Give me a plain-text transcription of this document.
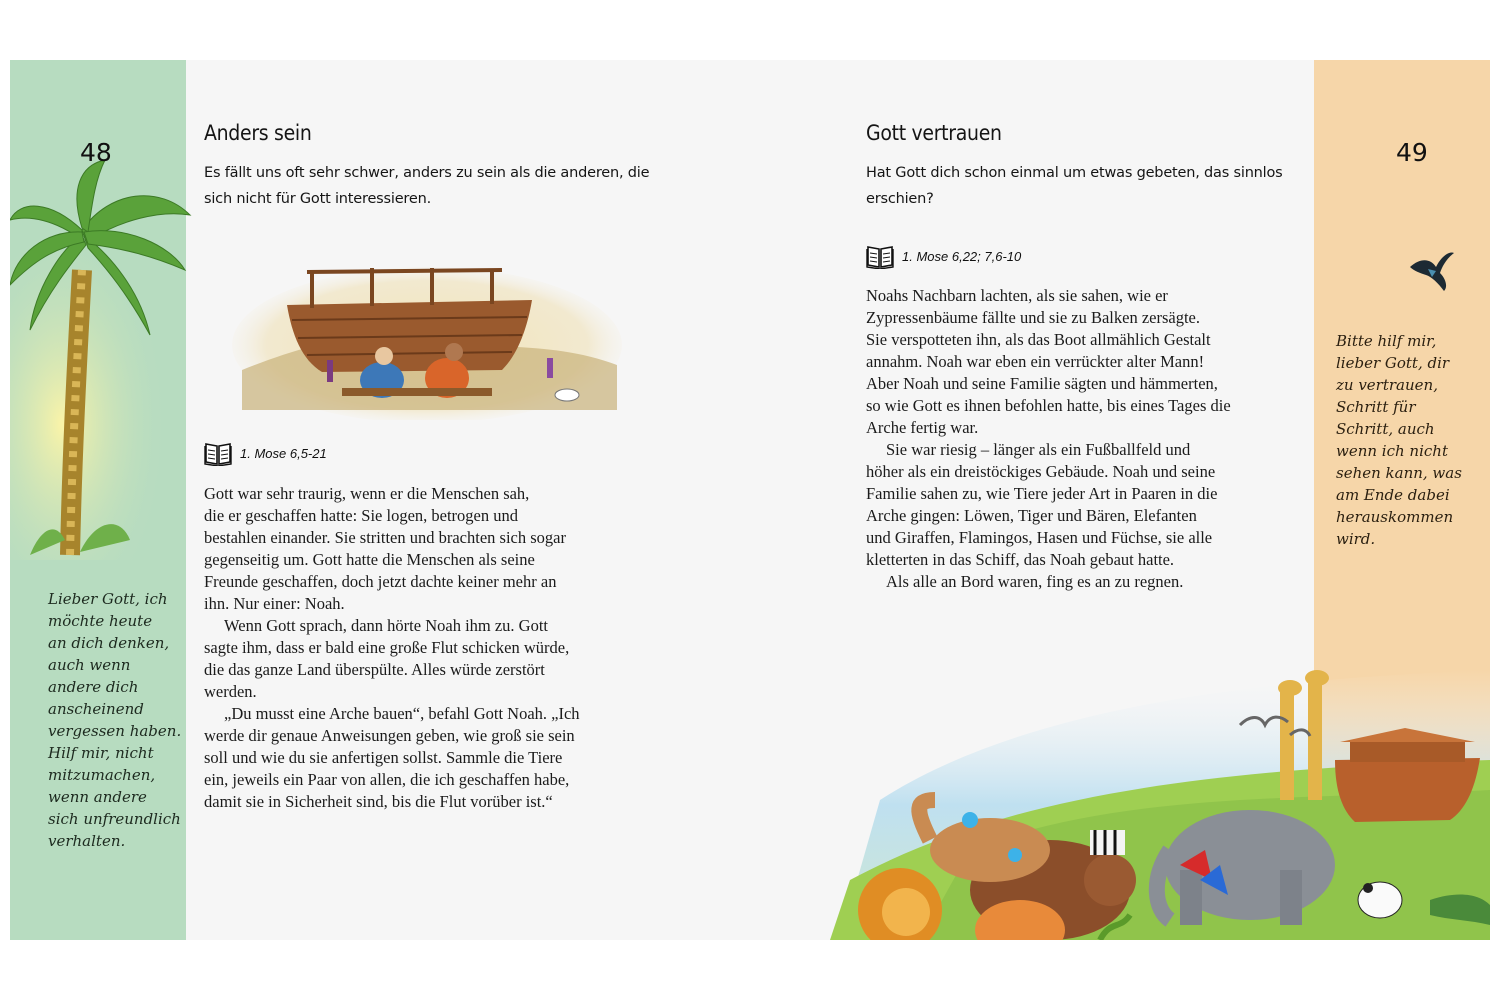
48

Lieber Gott, ich
möchte heute
an dich denken,
auch wenn
andere dich
anscheinend
vergessen haben.
Hilf mir, nicht
mitzumachen,
wenn andere
sich unfreundlich
verhalten.

Anders sein
Es fällt uns oft sehr schwer, anders zu sein als die anderen, die
sich nicht für Gott interessieren.
1. Mose 6,5-21
Gott war sehr traurig, wenn er die Menschen sah,
die er geschaffen hatte: Sie logen, betrogen und
bestahlen einander. Sie stritten und brachten sich sogar
gegenseitig um. Gott hatte die Menschen als seine
Freunde geschaffen, doch jetzt dachte keiner mehr an
ihn. Nur einer: Noah.
Wenn Gott sprach, dann hörte Noah ihm zu. Gott
sagte ihm, dass er bald eine große Flut schicken würde,
die das ganze Land überspülte. Alles würde zerstört
werden.
„Du musst eine Arche bauen“, befahl Gott Noah. „Ich
werde dir genaue Anweisungen geben, wie groß sie sein
soll und wie du sie anfertigen sollst. Sammle die Tiere
ein, jeweils ein Paar von allen, die ich geschaffen habe,
damit sie in Sicherheit sind, bis die Flut vorüber ist.“
Gott vertrauen
Hat Gott dich schon einmal um etwas gebeten, das sinnlos
erschien?
1. Mose 6,22; 7,6-10
Noahs Nachbarn lachten, als sie sahen, wie er
Zypressenbäume fällte und sie zu Balken zersägte.
Sie verspotteten ihn, als das Boot allmählich Gestalt
annahm. Noah war eben ein verrückter alter Mann!
Aber Noah und seine Familie sägten und hämmerten,
so wie Gott es ihnen befohlen hatte, bis eines Tages die
Arche fertig war.
Sie war riesig – länger als ein Fußballfeld und
höher als ein dreistöckiges Gebäude. Noah und seine
Familie sahen zu, wie Tiere jeder Art in Paaren in die
Arche gingen: Löwen, Tiger und Bären, Elefanten
und Giraffen, Flamingos, Hasen und Füchse, sie alle
kletterten in das Schiff, das Noah gebaut hatte.
Als alle an Bord waren, fing es an zu regnen.
49

Bitte hilf mir,
lieber Gott, dir
zu vertrauen,
Schritt für
Schritt, auch
wenn ich nicht
sehen kann, was
am Ende dabei
herauskommen
wird.
